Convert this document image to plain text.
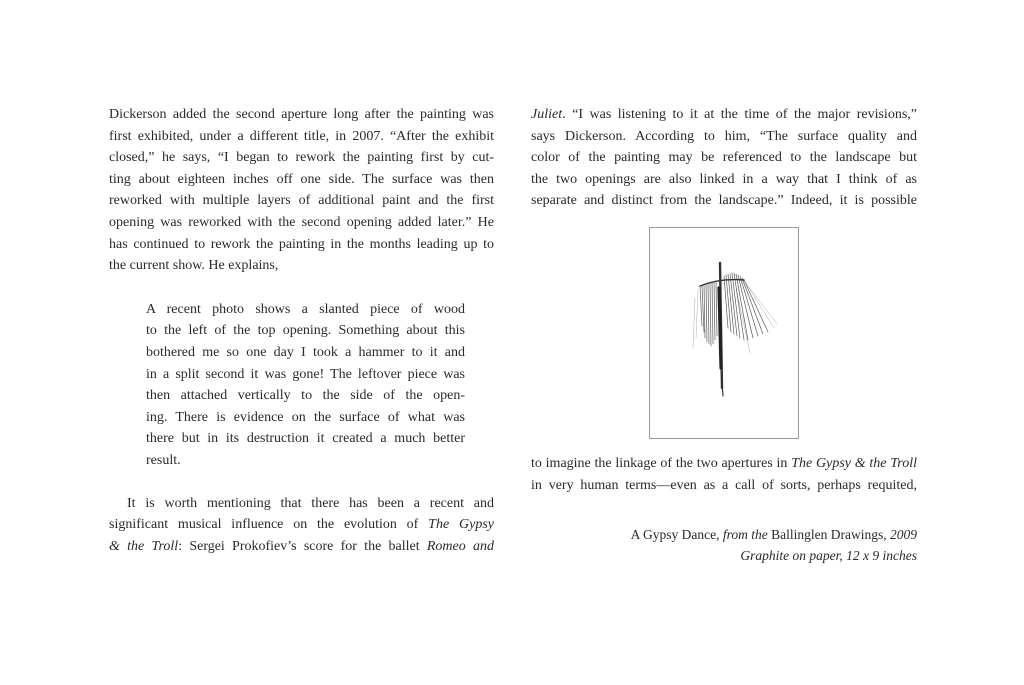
Dickerson added the second aperture long after the painting was
first exhibited, under a different title, in 2007. “After the exhibit
closed,” he says, “I began to rework the painting first by cut-
ting about eighteen inches off one side. The surface was then
reworked with multiple layers of additional paint and the first
opening was reworked with the second opening added later.” He
has continued to rework the painting in the months leading up to
the current show. He explains,
A recent photo shows a slanted piece of wood
to the left of the top opening. Something about this
bothered me so one day I took a hammer to it and
in a split second it was gone! The leftover piece was
then attached vertically to the side of the open-
ing. There is evidence on the surface of what was
there but in its destruction it created a much better
result.
It is worth mentioning that there has been a recent and
significant musical influence on the evolution of The Gypsy
& the Troll: Sergei Prokofiev’s score for the ballet Romeo and
Juliet. “I was listening to it at the time of the major revisions,”
says Dickerson. According to him, “The surface quality and
color of the painting may be referenced to the landscape but
the two openings are also linked in a way that I think of as
separate and distinct from the landscape.” Indeed, it is possible
to imagine the linkage of the two apertures in The Gypsy & the Troll
in very human terms—even as a call of sorts, perhaps requited,
A Gypsy Dance, from the Ballinglen Drawings, 2009
Graphite on paper, 12 x 9 inches
